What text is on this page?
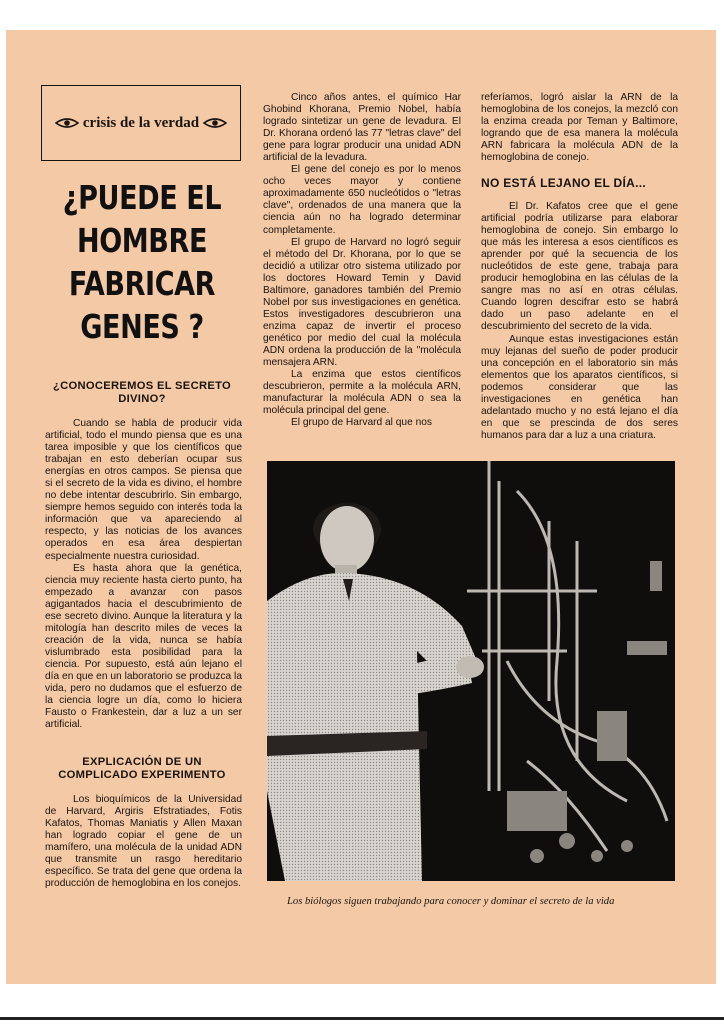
crisis de la verdad
¿PUEDE EL
HOMBRE
FABRICAR
GENES ?
¿CONOCEREMOS EL SECRETO DIVINO?

Cuando se habla de producir vida artificial, todo el mundo piensa que es una tarea imposible y que los científicos que trabajan en esto deberían ocupar sus energías en otros campos. Se piensa que si el secreto de la vida es divino, el hombre no debe intentar descubrirlo. Sin embargo, siempre hemos seguido con interés toda la información que va apareciendo al respecto, y las noticias de los avances operados en esa área despiertan especialmente nuestra curiosidad.

Es hasta ahora que la genética, ciencia muy reciente hasta cierto punto, ha empezado a avanzar con pasos agigantados hacia el descubrimiento de ese secreto divino. Aunque la literatura y la mitología han descrito miles de veces la creación de la vida, nunca se había vislumbrado esta posibilidad para la ciencia. Por supuesto, está aún lejano el día en que en un laboratorio se produzca la vida, pero no dudamos que el esfuerzo de la ciencia logre un día, como lo hiciera Fausto o Frankestein, dar a luz a un ser artificial.

EXPLICACIÓN DE UN COMPLICADO EXPERIMENTO

Los bioquímicos de la Universidad de Harvard, Argiris Efstratiades, Fotis Kafatos, Thomas Maniatis y Allen Maxan han logrado copiar el gene de un mamífero, una molécula de la unidad ADN que transmite un rasgo hereditario específico. Se trata del gene que ordena la producción de hemoglobina en los conejos.

Cinco años antes, el químico Har Ghobind Khorana, Premio Nobel, había logrado sintetizar un gene de levadura. El Dr. Khorana ordenó las 77 "letras clave" del gene para lograr producir una unidad ADN artificial de la levadura.

El gene del conejo es por lo menos ocho veces mayor y contiene aproximadamente 650 nucleótidos o "letras clave", ordenados de una manera que la ciencia aún no ha logrado determinar completamente.

El grupo de Harvard no logró seguir el método del Dr. Khorana, por lo que se decidió a utilizar otro sistema utilizado por los doctores Howard Temin y David Baltimore, ganadores también del Premio Nobel por sus investigaciones en genética. Estos investigadores descubrieron una enzima capaz de invertir el proceso genético por medio del cual la molécula ADN ordena la producción de la "molécula mensajera ARN.

La enzima que estos científicos descubrieron, permite a la molécula ARN, manufacturar la molécula ADN o sea la molécula principal del gene.

El grupo de Harvard al que nos

referíamos, logró aislar la ARN de la hemoglobina de los conejos, la mezcló con la enzima creada por Teman y Baltimore, logrando que de esa manera la molécula ARN fabricara la molécula ADN de la hemoglobina de conejo.

NO ESTÁ LEJANO EL DÍA...

El Dr. Kafatos cree que el gene artificial podría utilizarse para elaborar hemoglobina de conejo. Sin embargo lo que más les interesa a esos científicos es aprender por qué la secuencia de los nucleótidos de este gene, trabaja para producir hemoglobina en las células de la sangre mas no así en otras células. Cuando logren descifrar esto se habrá dado un paso adelante en el descubrimiento del secreto de la vida.

Aunque estas investigaciones están muy lejanas del sueño de poder producir una concepción en el laboratorio sin más elementos que los aparatos científicos, si podemos considerar que las investigaciones en genética han adelantado mucho y no está lejano el día en que se prescinda de dos seres humanos para dar a luz a una criatura.

Los biólogos siguen trabajando para conocer y dominar el secreto de la vida
